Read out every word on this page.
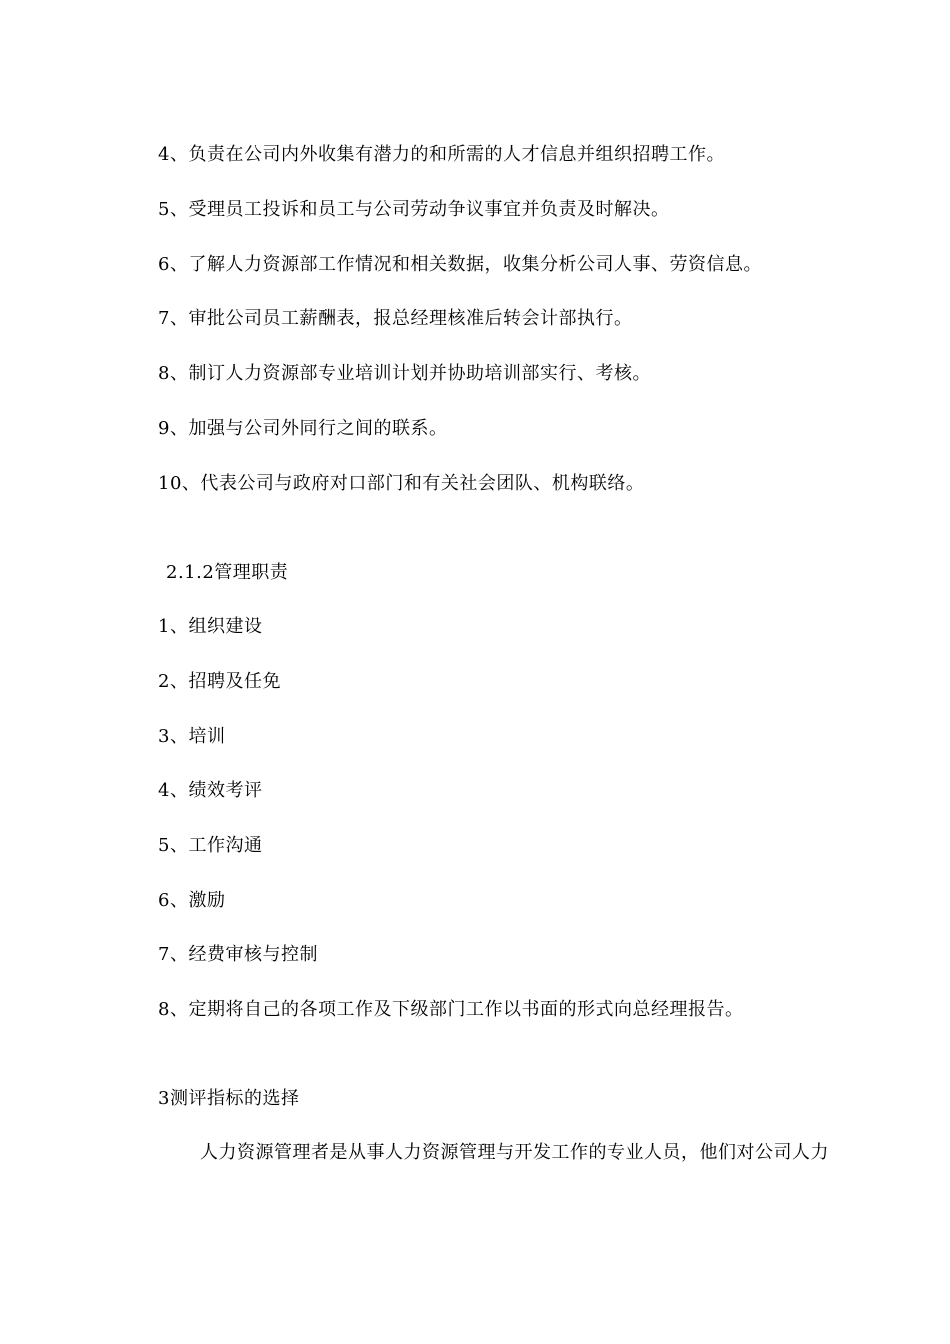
4、负责在公司内外收集有潜力的和所需的人才信息并组织招聘工作。
5、受理员工投诉和员工与公司劳动争议事宜并负责及时解决。
6、了解人力资源部工作情况和相关数据，收集分析公司人事、劳资信息。
7、审批公司员工薪酬表，报总经理核准后转会计部执行。
8、制订人力资源部专业培训计划并协助培训部实行、考核。
9、加强与公司外同行之间的联系。
10、代表公司与政府对口部门和有关社会团队、机构联络。
2.1.2管理职责
1、组织建设
2、招聘及任免
3、培训
4、绩效考评
5、工作沟通
6、激励
7、经费审核与控制
8、定期将自己的各项工作及下级部门工作以书面的形式向总经理报告。
3测评指标的选择
人力资源管理者是从事人力资源管理与开发工作的专业人员，他们对公司人力
